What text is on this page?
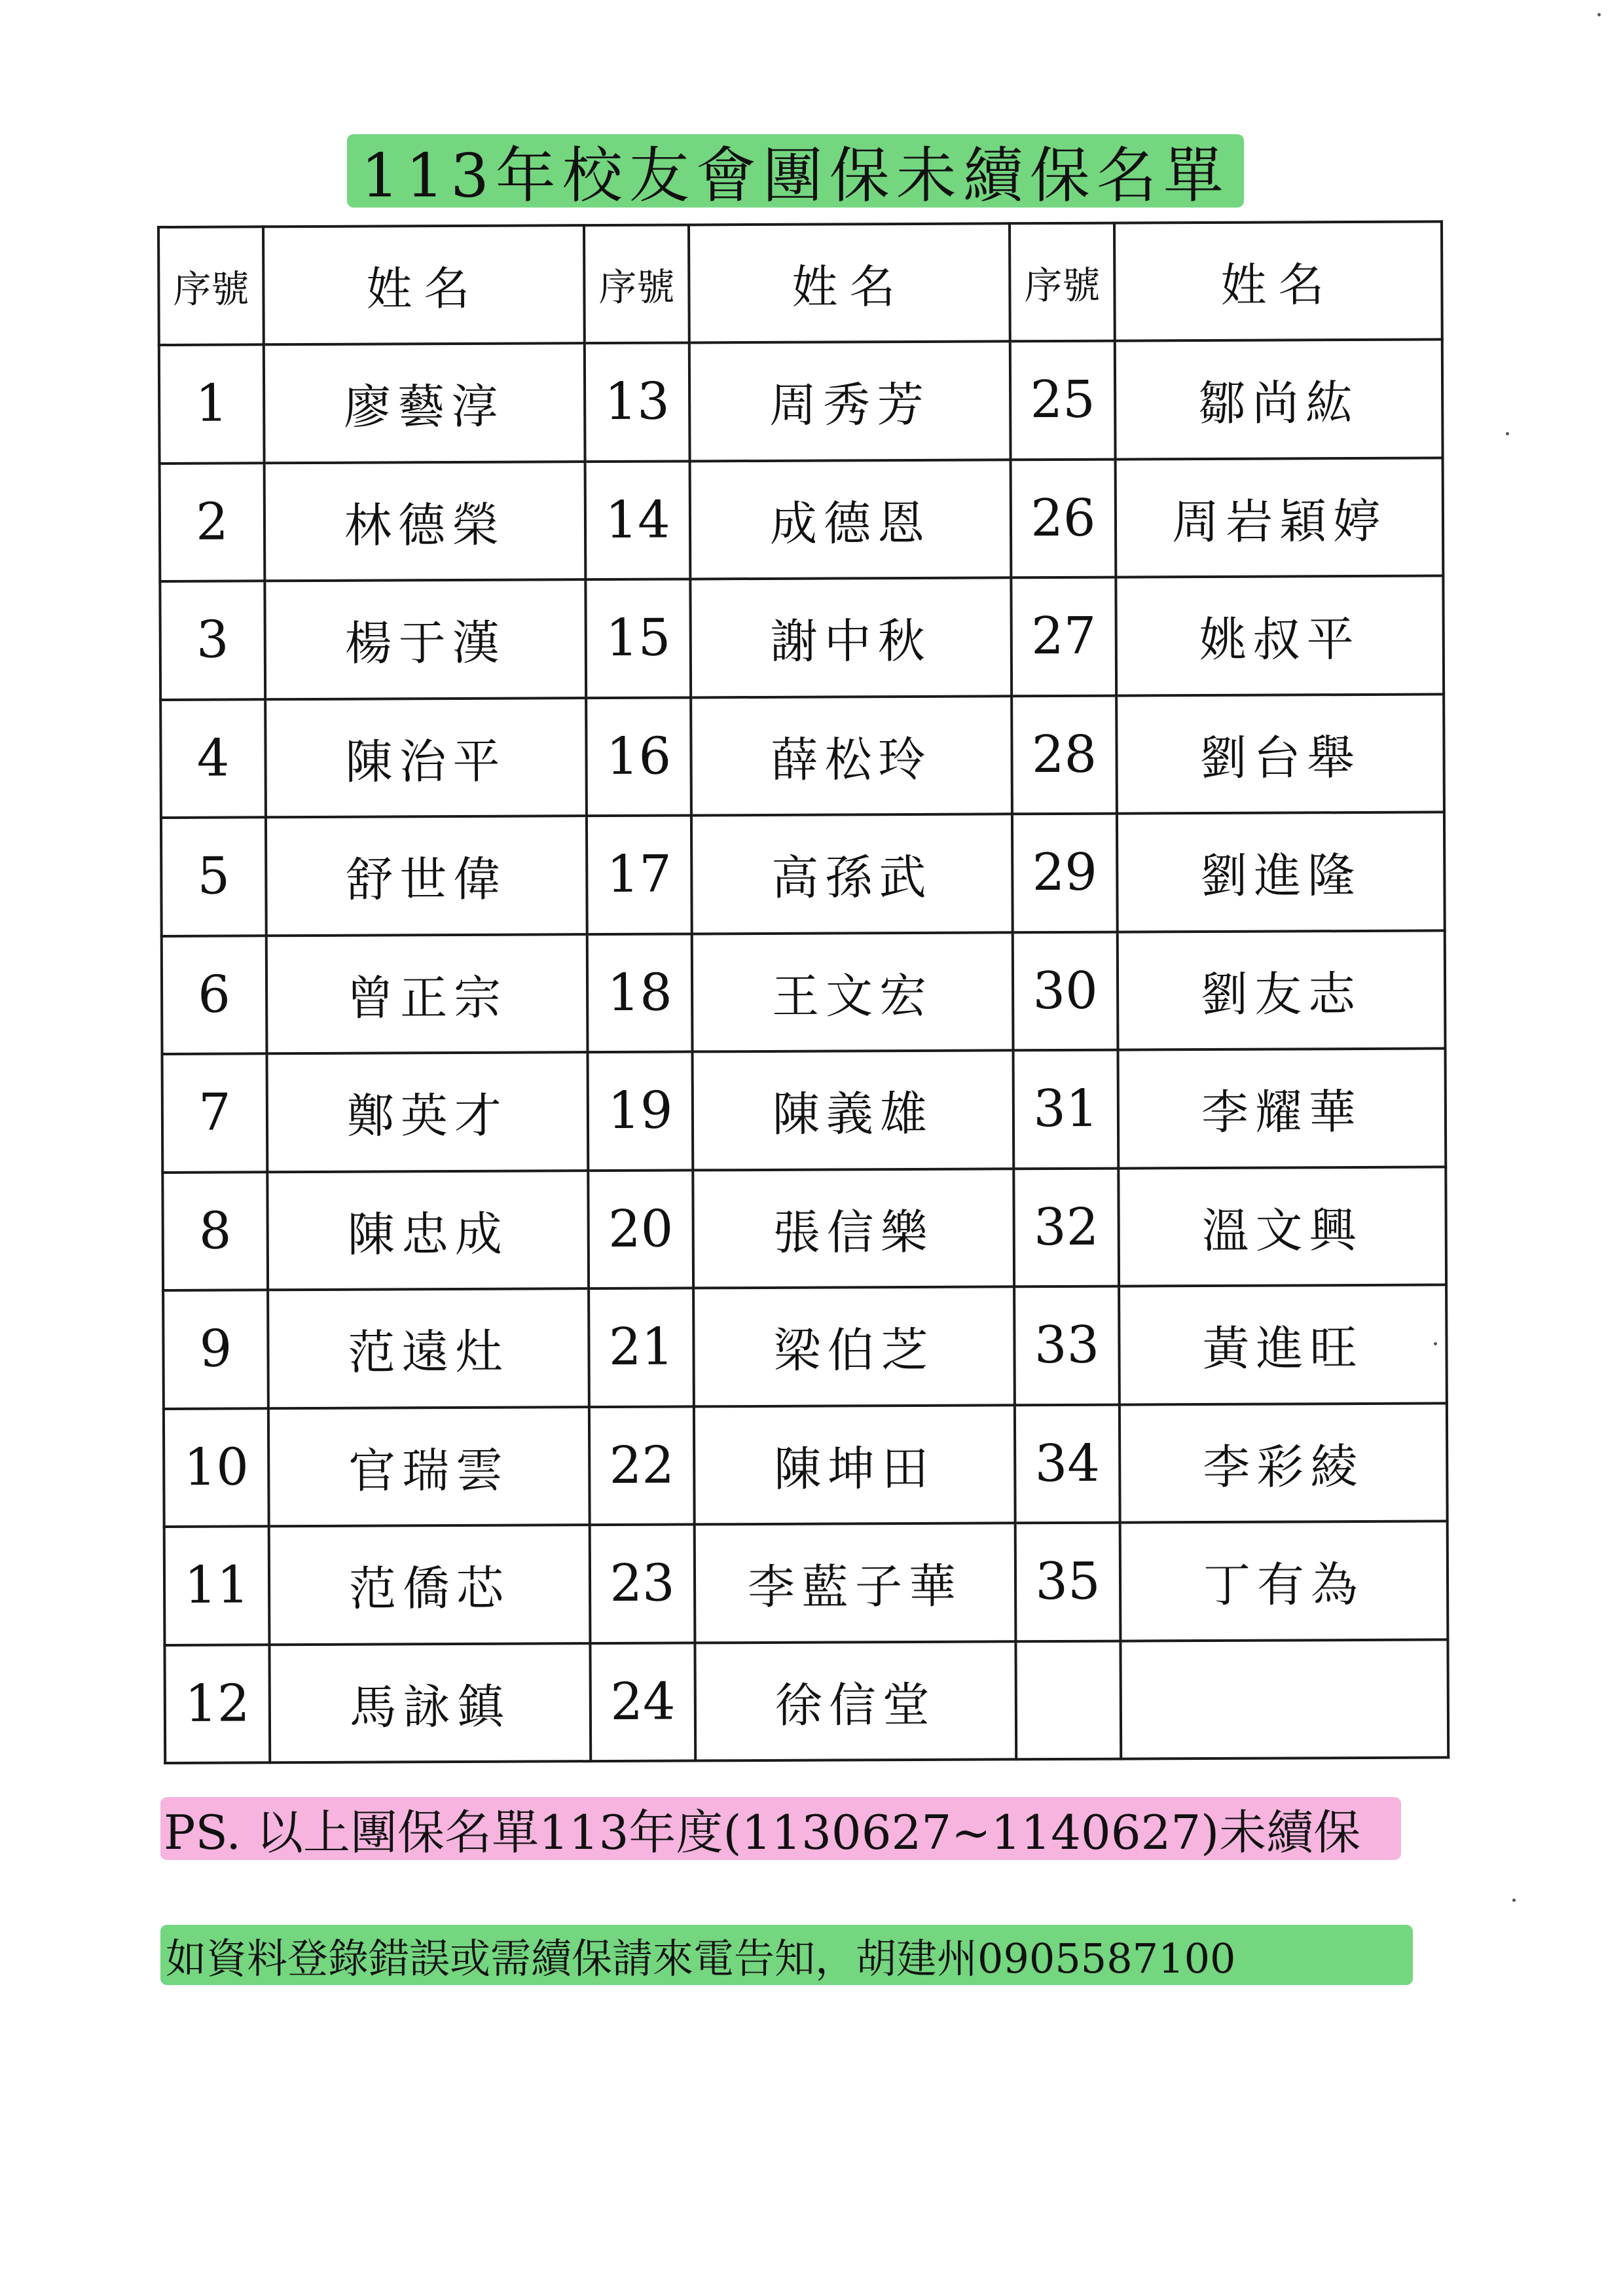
113年校友會團保未續保名單
序號	姓名	序號	姓名	序號	姓名
1	廖藝淳	13	周秀芳	25	鄒尚紘
2	林德榮	14	成德恩	26	周岩穎婷
3	楊于漢	15	謝中秋	27	姚叔平
4	陳治平	16	薛松玲	28	劉台舉
5	舒世偉	17	高孫武	29	劉進隆
6	曾正宗	18	王文宏	30	劉友志
7	鄭英才	19	陳義雄	31	李耀華
8	陳忠成	20	張信樂	32	溫文興
9	范遠灶	21	梁伯芝	33	黃進旺
10	官瑞雲	22	陳坤田	34	李彩綾
11	范僑芯	23	李藍子華	35	丁有為
12	馬詠鎮	24	徐信堂		
PS. 以上團保名單113年度(1130627~1140627)未續保
如資料登錄錯誤或需續保請來電告知，胡建州0905587100
